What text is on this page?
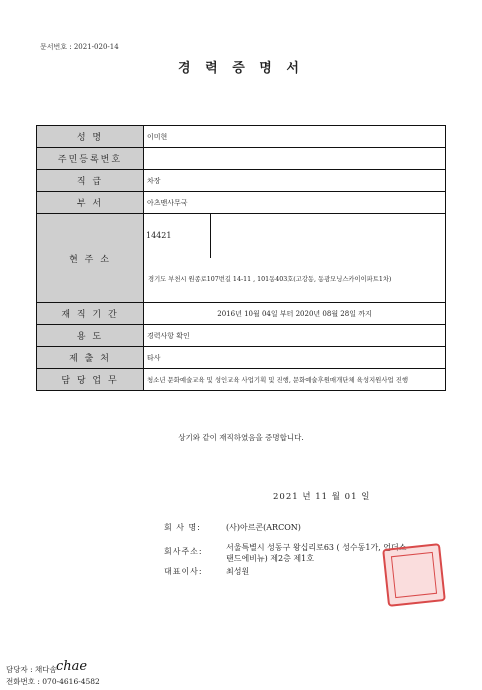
문서번호 : 2021-020-14
경 력 증 명 서
성 명	이미현
주민등록번호	
직 급	차장
부 서	아츠맨사무국
현 주 소	14421경기도 부천시 원종로107번길 14-11 , 101동403호(고강동, 동광모닝스카이이파트1차)
재 직 기 간	2016년 10월 04일 부터 2020년 08월 28일 까지
용 도	경력사항 확인
제 출 처	타사
담 당 업 무	청소년 문화예술교육 및 성인교육 사업기획 및 진행, 문화예술후원매개단체 육성지원사업 진행
상기와 같이 재직하였음을 증명합니다.
2021 년 11 월 01 일
회 사 명:	(사)아르콘(ARCON)
회사주소:	서울특별시 성동구 왕십리로63 ( 성수동1가, 언더스
탠드에비뉴) 제2층 제1호
대표이사:	최성원
담당자 : 채다솜 chae
전화번호 : 070-4616-4582
